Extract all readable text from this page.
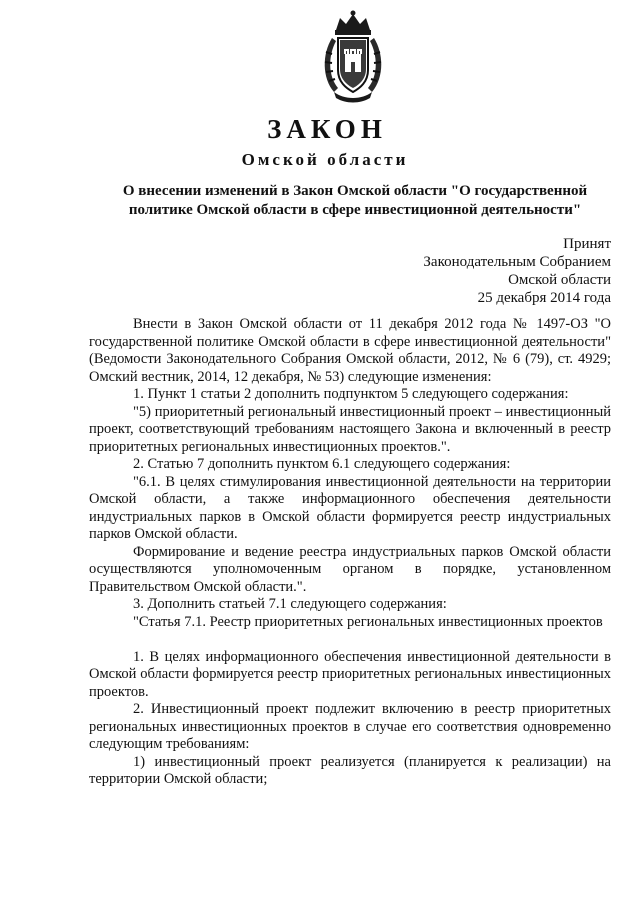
ЗАКОН
Омской области
О внесении изменений в Закон Омской области "О государственной
политике Омской области в сфере инвестиционной деятельности"
Принят
Законодательным Собранием
Омской области
25 декабря 2014 года

Внести в Закон Омской области от 11 декабря 2012 года № 1497-ОЗ "О государственной политике Омской области в сфере инвестиционной деятельности" (Ведомости Законодательного Собрания Омской области, 2012, № 6 (79), ст. 4929; Омский вестник, 2014, 12 декабря, № 53) следующие изменения:

1. Пункт 1 статьи 2 дополнить подпунктом 5 следующего содержания:

"5) приоритетный региональный инвестиционный проект – инвестиционный проект, соответствующий требованиям настоящего Закона и включенный в реестр приоритетных региональных инвестиционных проектов.".

2. Статью 7 дополнить пунктом 6.1 следующего содержания:

"6.1. В целях стимулирования инвестиционной деятельности на территории Омской области, а также информационного обеспечения деятельности индустриальных парков в Омской области формируется реестр индустриальных парков Омской области.

Формирование и ведение реестра индустриальных парков Омской области осуществляются уполномоченным органом в порядке, установленном Правительством Омской области.".

3. Дополнить статьей 7.1 следующего содержания:

"Статья 7.1. Реестр приоритетных региональных инвестиционных проектов

1. В целях информационного обеспечения инвестиционной деятельности в Омской области формируется реестр приоритетных региональных инвестиционных проектов.

2. Инвестиционный проект подлежит включению в реестр приоритетных региональных инвестиционных проектов в случае его соответствия одновременно следующим требованиям:

1) инвестиционный проект реализуется (планируется к реализации) на территории Омской области;
